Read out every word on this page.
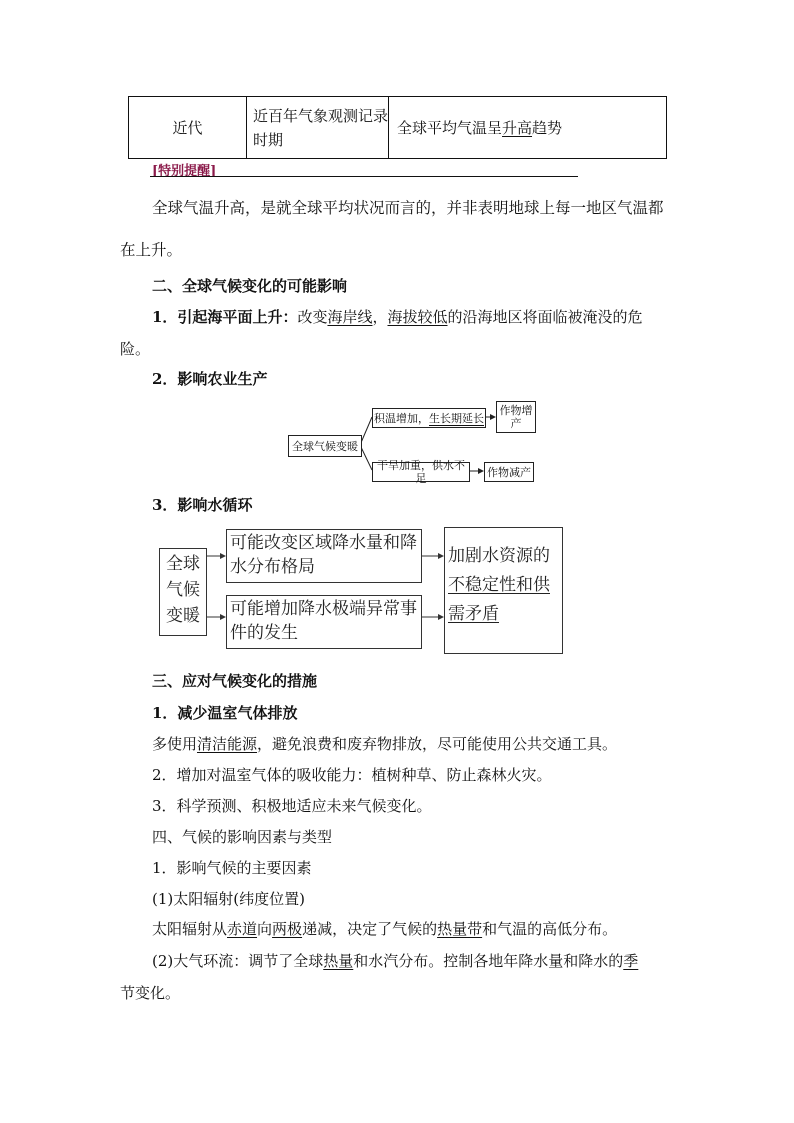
近代	近百年气象观测记录时期	全球平均气温呈升高趋势
[特别提醒]
全球气温升高，是就全球平均状况而言的，并非表明地球上每一地区气温都
在上升。
二、全球气候变化的可能影响
1．引起海平面上升：改变海岸线，海拔较低的沿海地区将面临被淹没的危
险。
2．影响农业生产
全球气候变暖
积温增加， 生长期延长
作物增产
干旱加重，供水不足	作物减产
3．影响水循环
全球气候变暖
可能改变区域降水量和降水分布格局
可能增加降水极端异常事件的发生
加剧水资源的
不稳定性和供
需矛盾
三、应对气候变化的措施
1．减少温室气体排放
多使用清洁能源，避免浪费和废弃物排放，尽可能使用公共交通工具。
2．增加对温室气体的吸收能力：植树种草、防止森林火灾。
3．科学预测、积极地适应未来气候变化。
四、气候的影响因素与类型
1．影响气候的主要因素
(1)太阳辐射(纬度位置)
太阳辐射从赤道向两极递减，决定了气候的热量带和气温的高低分布。
(2)大气环流：调节了全球热量和水汽分布。控制各地年降水量和降水的季
节变化。
